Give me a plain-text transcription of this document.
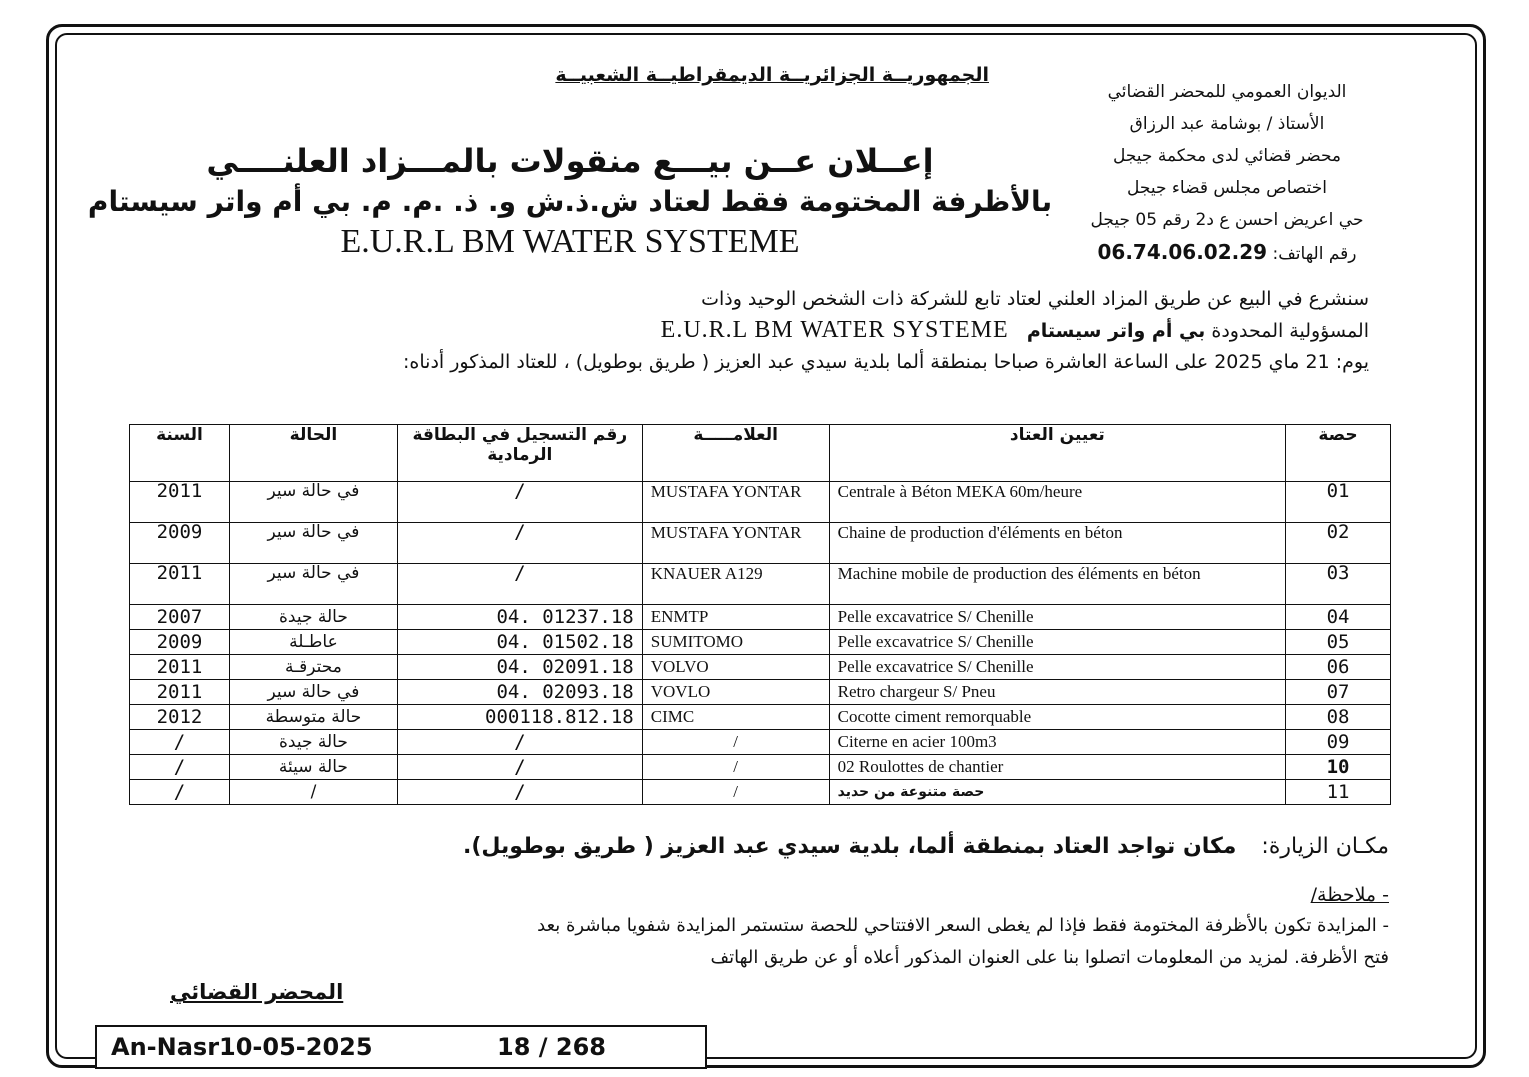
الجمهوريــة الجزائريــة الديمقراطيــة الشعبيــة
الديوان العمومي للمحضر القضائي
الأستاذ / بوشامة عبد الرزاق
محضر قضائي لدى محكمة جيجل
اختصاص مجلس قضاء جيجل
حي اعريض احسن ع د2 رقم 05 جيجل
رقم الهاتف: 06.74.06.02.29
إعــلان عــن بيـــع منقولات بالمـــزاد العلنــــي
بالأظرفة المختومة فقط لعتاد ش.ذ.ش و. ذ. .م. م. بي أم واتر سيستام
E.U.R.L BM WATER SYSTEME
سنشرع في البيع عن طريق المزاد العلني لعتاد تابع للشركة ذات الشخص الوحيد وذات
المسؤولية المحدودة بي أم واتر سيستام   E.U.R.L BM WATER SYSTEME
يوم: 21 ماي 2025 على الساعة العاشرة صباحا بمنطقة ألما بلدية سيدي عبد العزيز ( طريق بوطويل) ، للعتاد المذكور أدناه:
حصة	تعيين العتاد	العلامـــــة	رقم التسجيل في البطاقة الرمادية	الحالة	السنة
01	Centrale à Béton MEKA 60m/heure	MUSTAFA YONTAR	/	في حالة سير	2011
02	Chaine de production d'éléments en béton	MUSTAFA YONTAR	/	في حالة سير	2009
03	Machine mobile de production des éléments en béton	KNAUER A129	/	في حالة سير	2011
04	Pelle excavatrice S/ Chenille	ENMTP	04. 01237.18	حالة جيدة	2007
05	Pelle excavatrice S/ Chenille	SUMITOMO	04. 01502.18	عاطـلة	2009
06	Pelle excavatrice S/ Chenille	VOLVO	04. 02091.18	محترقـة	2011
07	Retro chargeur S/ Pneu	VOVLO	04. 02093.18	في حالة سير	2011
08	Cocotte ciment remorquable	CIMC	000118.812.18	حالة متوسطة	2012
09	Citerne en acier 100m3	/	/	حالة جيدة	/
10	02 Roulottes de chantier	/	/	حالة سيئة	/
11	حصة متنوعة من حديد	/	/	/	/
مكـان الزيارة: مكان تواجد العتاد بمنطقة ألما، بلدية سيدي عبد العزيز ( طريق بوطويل).
- ملاحظة/
- المزايدة تكون بالأظرفة المختومة فقط فإذا لم يغطى السعر الافتتاحي للحصة ستستمر المزايدة شفويا مباشرة بعد
فتح الأظرفة. لمزيد من المعلومات اتصلوا بنا على العنوان المذكور أعلاه أو عن طريق الهاتف
المحضر القضائي
An-Nasr10-05-2025	18 / 268
